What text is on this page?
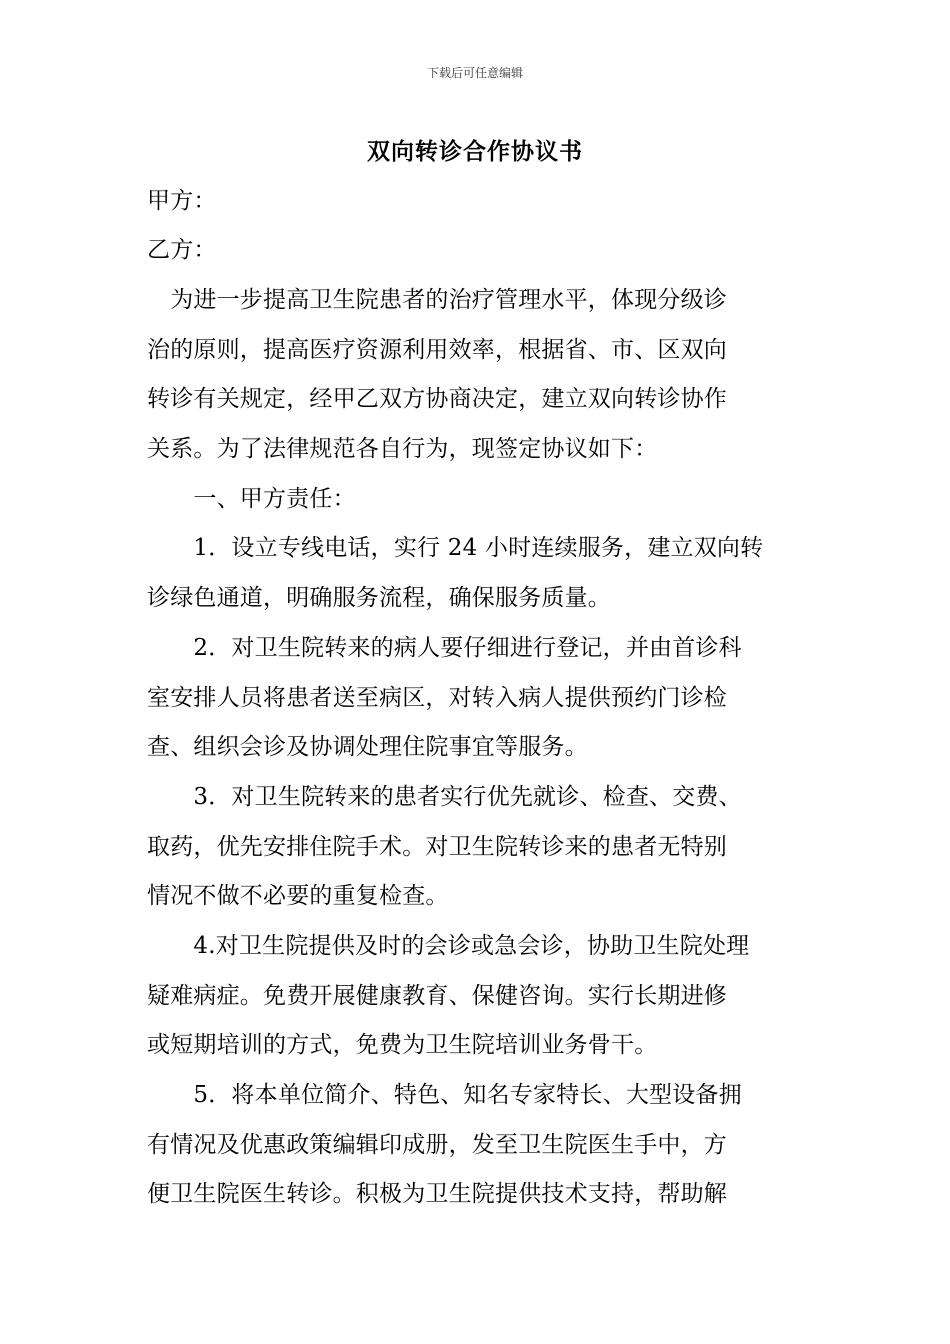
下载后可任意编辑
双向转诊合作协议书
甲方：
乙方：
　为进一步提高卫生院患者的治疗管理水平，体现分级诊
治的原则，提高医疗资源利用效率，根据省、市、区双向
转诊有关规定，经甲乙双方协商决定，建立双向转诊协作
关系。为了法律规范各自行为，现签定协议如下：
　　一、甲方责任：
　　1．设立专线电话，实行 24 小时连续服务，建立双向转
诊绿色通道，明确服务流程，确保服务质量。
　　2．对卫生院转来的病人要仔细进行登记，并由首诊科
室安排人员将患者送至病区，对转入病人提供预约门诊检
查、组织会诊及协调处理住院事宜等服务。
　　3．对卫生院转来的患者实行优先就诊、检查、交费、
取药，优先安排住院手术。对卫生院转诊来的患者无特别
情况不做不必要的重复检查。
　　4.对卫生院提供及时的会诊或急会诊，协助卫生院处理
疑难病症。免费开展健康教育、保健咨询。实行长期进修
或短期培训的方式，免费为卫生院培训业务骨干。
　　5．将本单位简介、特色、知名专家特长、大型设备拥
有情况及优惠政策编辑印成册，发至卫生院医生手中，方
便卫生院医生转诊。积极为卫生院提供技术支持，帮助解
